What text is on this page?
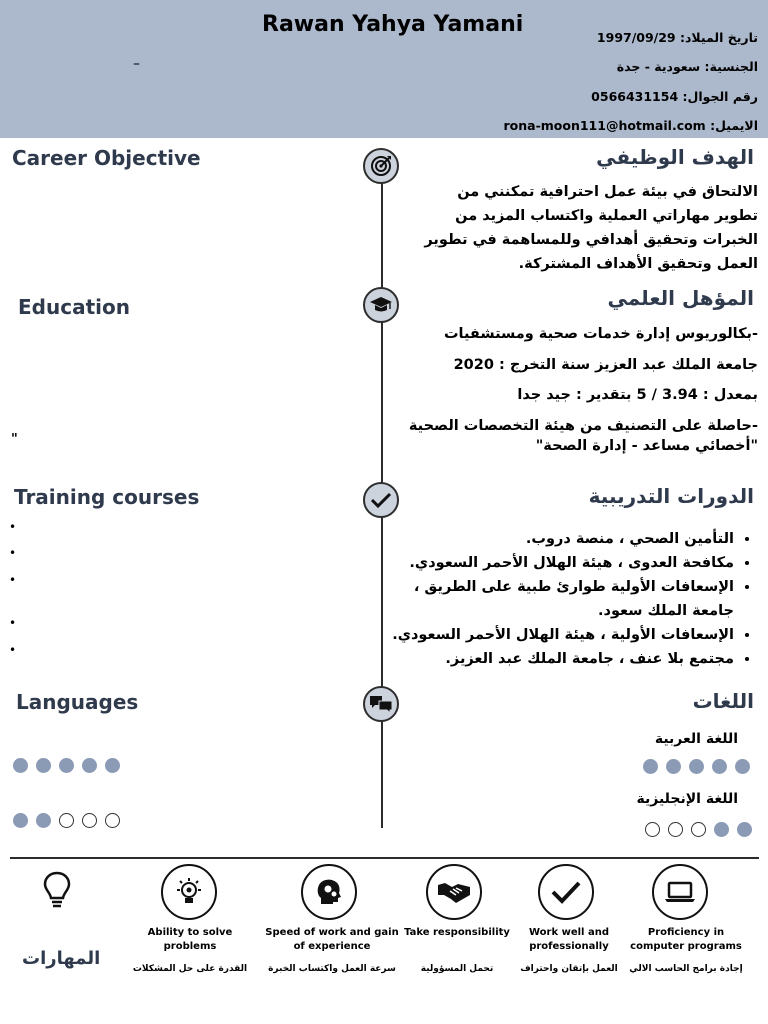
Rawan Yahya Yamani
–
تاريخ الميلاد: 1997/09/29
الجنسية: سعودية - جدة
رقم الجوال: 0566431154
الايميل: rona-moon111@hotmail.com
Career Objective	الهدف الوظيفي
الالتحاق في بيئة عمل احترافية تمكنني من تطوير مهاراتي العملية واكتساب المزيد من الخبرات وتحقيق أهدافي وللمساهمة في تطوير العمل وتحقيق الأهداف المشتركة.
Education	المؤهل العلمي
-بكالوريوس إدارة خدمات صحية ومستشفيات
جامعة الملك عبد العزيز سنة التخرج : 2020
بمعدل : 3.94 / 5 بتقدير : جيد جدا
-حاصلة على التصنيف من هيئة التخصصات الصحية
"أخصائي مساعد - إدارة الصحة"
"
Training courses	الدورات التدريبية
• التأمين الصحي ، منصة دروب.
• مكافحة العدوى ، هيئة الهلال الأحمر السعودي.
• الإسعافات الأولية طوارئ طبية على الطريق ، جامعة الملك سعود.
• الإسعافات الأولية ، هيئة الهلال الأحمر السعودي.
• مجتمع بلا عنف ، جامعة الملك عبد العزيز.
•
•
•
•
•
Languages	اللغات
اللغة العربية
اللغة الإنجليزية
المهارات
Ability to solve problems
القدرة على حل المشكلات
Speed of work and gain of experience
سرعة العمل واكتساب الخبرة
Take responsibility
تحمل المسؤولية
Work well and professionally
العمل بإتقان واحتراف
Proficiency in computer programs
إجادة برامج الحاسب الالي
